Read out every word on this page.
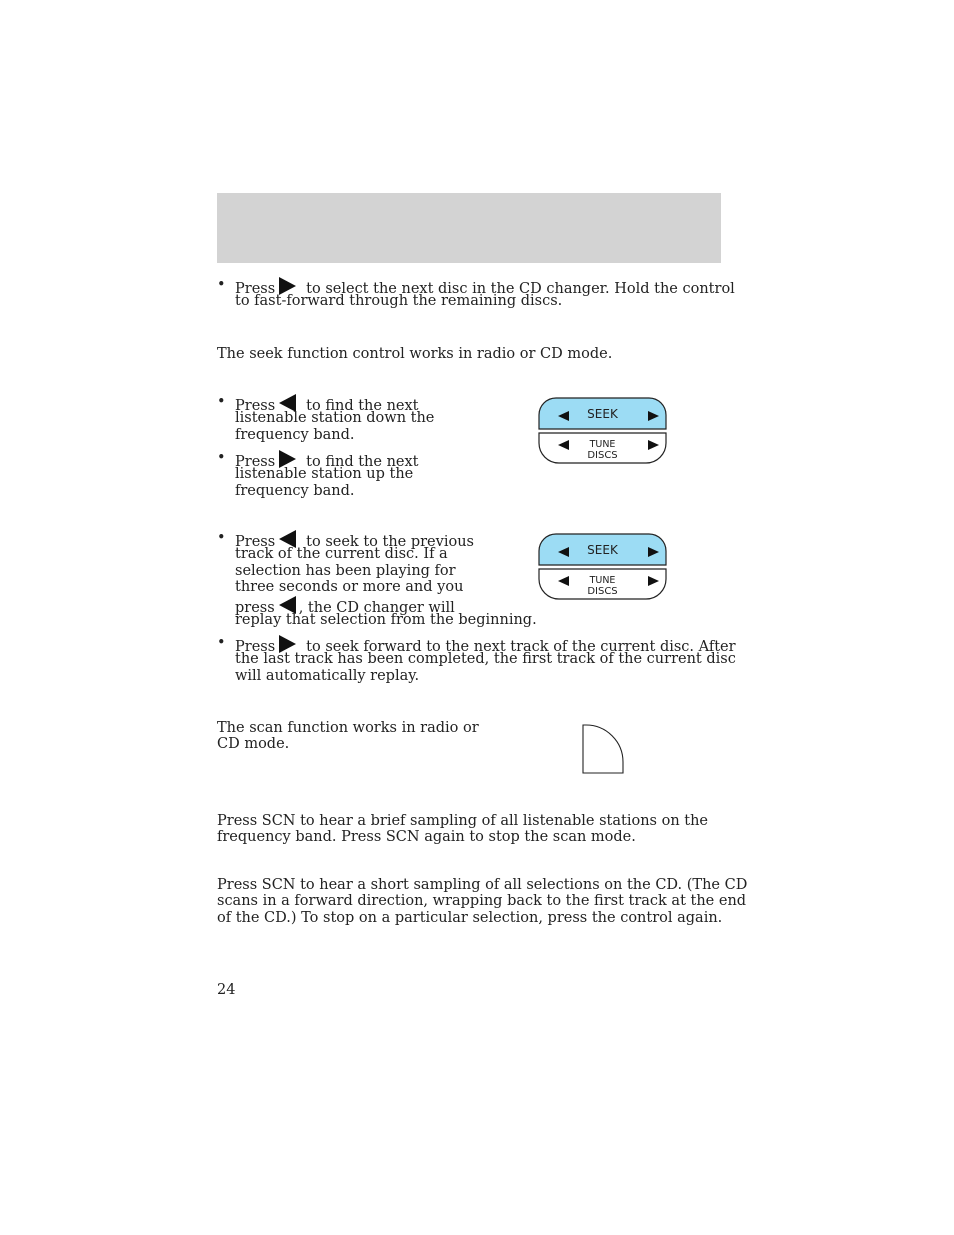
• Press to select the next disc in the CD changer. Hold the control
to fast-forward through the remaining discs.
The seek function control works in radio or CD mode.
• Press to find the next
listenable station down the
frequency band.
• Press to find the next
listenable station up the
frequency band.
SEEK
TUNE
DISCS
• Press to seek to the previous
track of the current disc. If a
selection has been playing for
three seconds or more and you
press , the CD changer will
replay that selection from the beginning.
SEEK
TUNE
DISCS
• Press to seek forward to the next track of the current disc. After
the last track has been completed, the first track of the current disc
will automatically replay.
The scan function works in radio or
CD mode.
Press SCN to hear a brief sampling of all listenable stations on the
frequency band. Press SCN again to stop the scan mode.
Press SCN to hear a short sampling of all selections on the CD. (The CD
scans in a forward direction, wrapping back to the first track at the end
of the CD.) To stop on a particular selection, press the control again.
24
